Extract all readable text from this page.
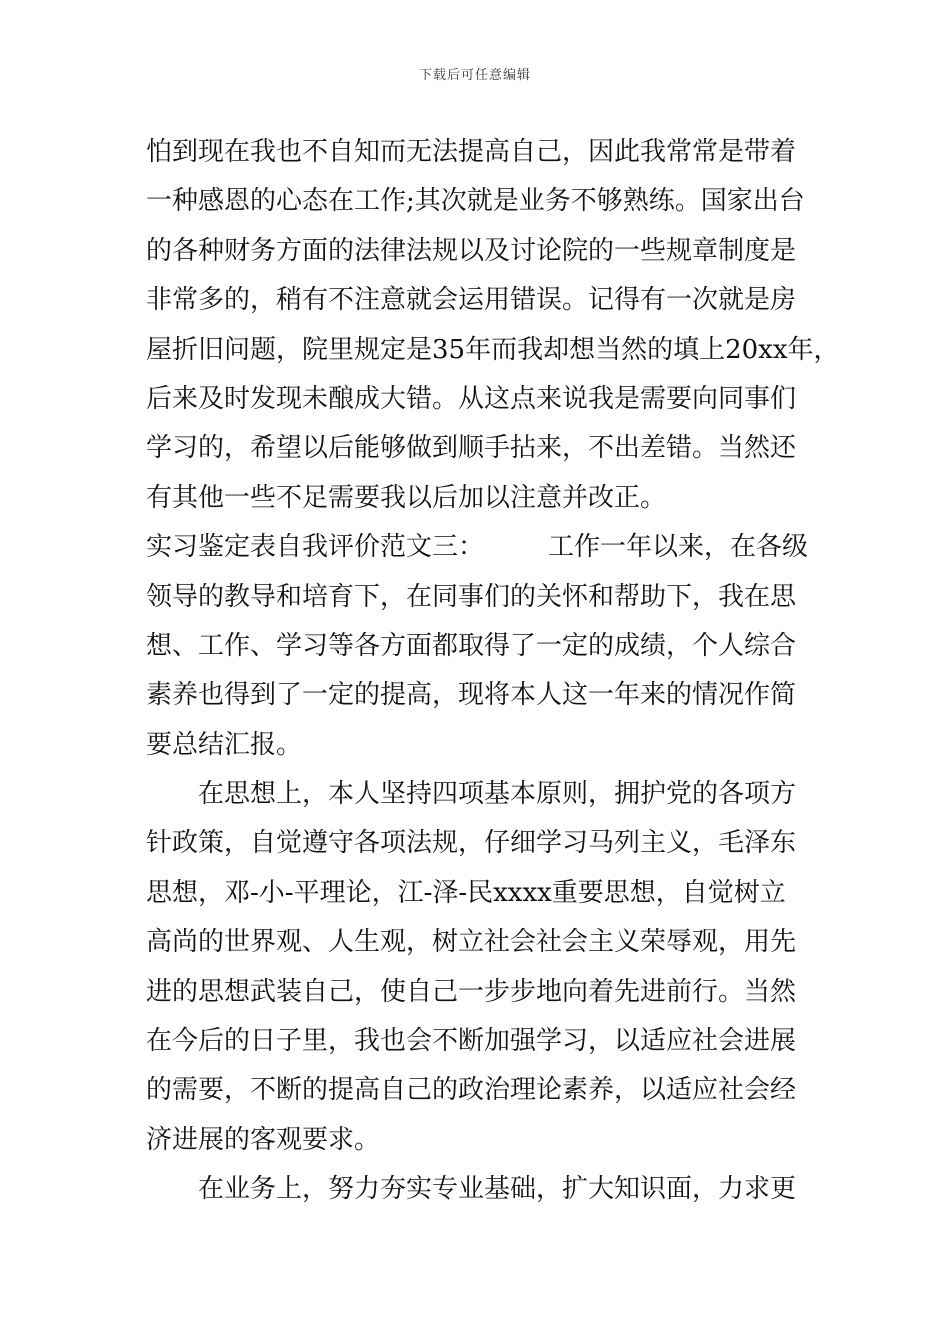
下载后可任意编辑
怕到现在我也不自知而无法提高自己，因此我常常是带着
一种感恩的心态在工作;其次就是业务不够熟练。国家出台
的各种财务方面的法律法规以及讨论院的一些规章制度是
非常多的，稍有不注意就会运用错误。记得有一次就是房
屋折旧问题，院里规定是35年而我却想当然的填上20xx年，
后来及时发现未酿成大错。从这点来说我是需要向同事们
学习的，希望以后能够做到顺手拈来，不出差错。当然还
有其他一些不足需要我以后加以注意并改正。
实习鉴定表自我评价范文三： 工作一年以来，在各级
领导的教导和培育下，在同事们的关怀和帮助下，我在思
想、工作、学习等各方面都取得了一定的成绩，个人综合
素养也得到了一定的提高，现将本人这一年来的情况作简
要总结汇报。
在思想上，本人坚持四项基本原则，拥护党的各项方
针政策，自觉遵守各项法规，仔细学习马列主义，毛泽东
思想，邓-小-平理论，江-泽-民xxxx重要思想，自觉树立
高尚的世界观、人生观，树立社会社会主义荣辱观，用先
进的思想武装自己，使自己一步步地向着先进前行。当然
在今后的日子里，我也会不断加强学习，以适应社会进展
的需要，不断的提高自己的政治理论素养，以适应社会经
济进展的客观要求。
在业务上，努力夯实专业基础，扩大知识面，力求更
